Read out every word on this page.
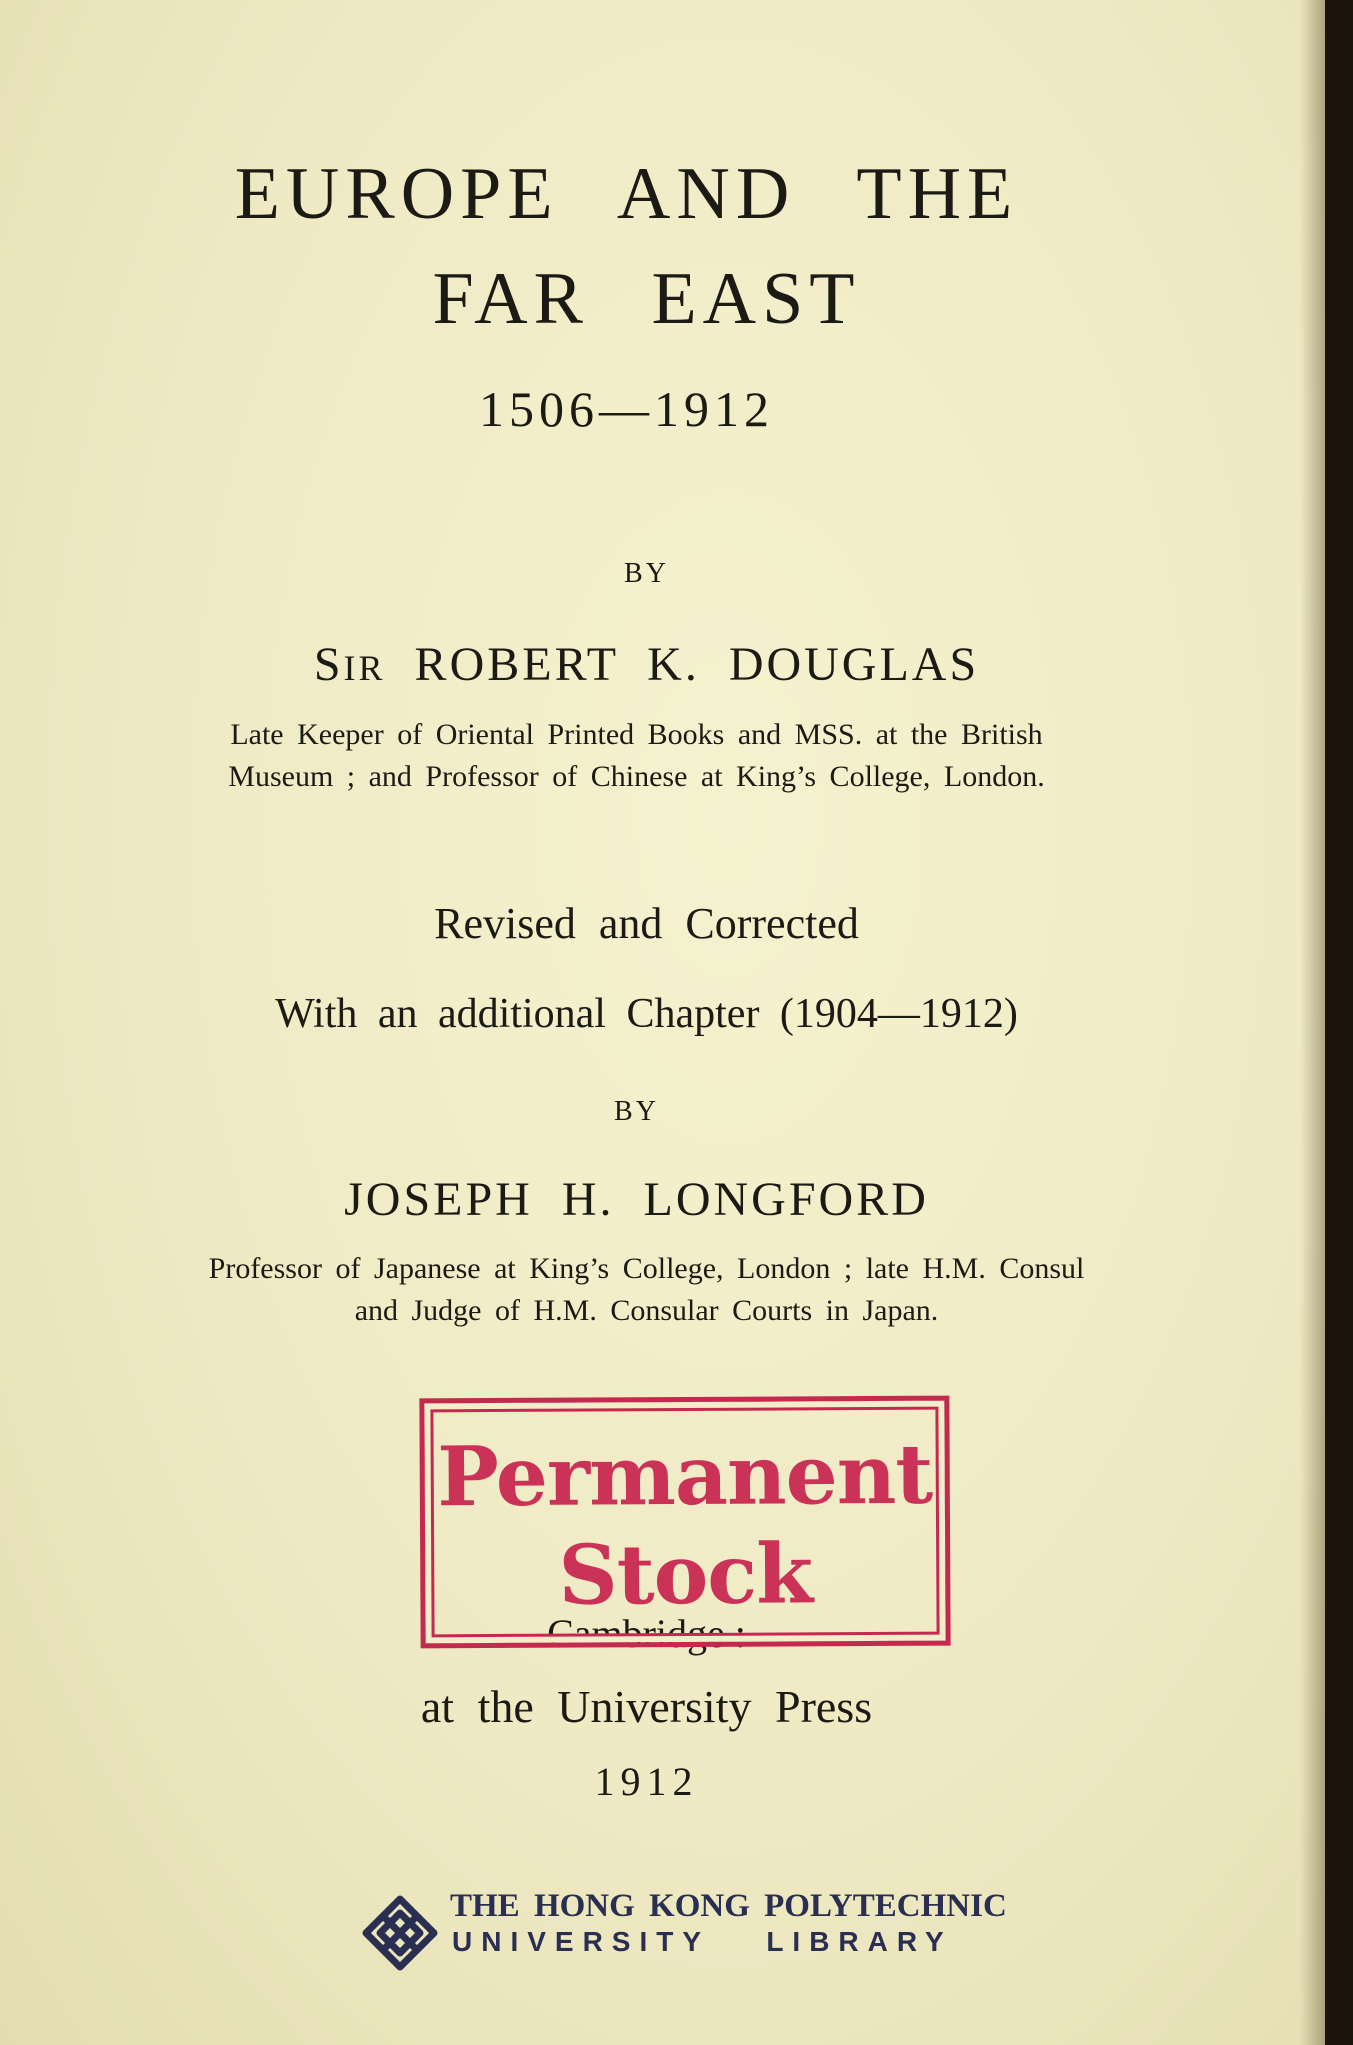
EUROPE AND THE
FAR EAST
1506—1912
BY
SIR ROBERT K. DOUGLAS
Late Keeper of Oriental Printed Books and MSS. at the British
Museum ; and Professor of Chinese at King’s College, London.
Revised and Corrected
With an additional Chapter (1904—1912)
BY
JOSEPH H. LONGFORD
Professor of Japanese at King’s College, London ; late H.M. Consul
and Judge of H.M. Consular Courts in Japan.
Cambridge :
Permanent
Stock
at the University Press
1912
THE HONG KONG POLYTECHNIC
UNIVERSITY LIBRARY
